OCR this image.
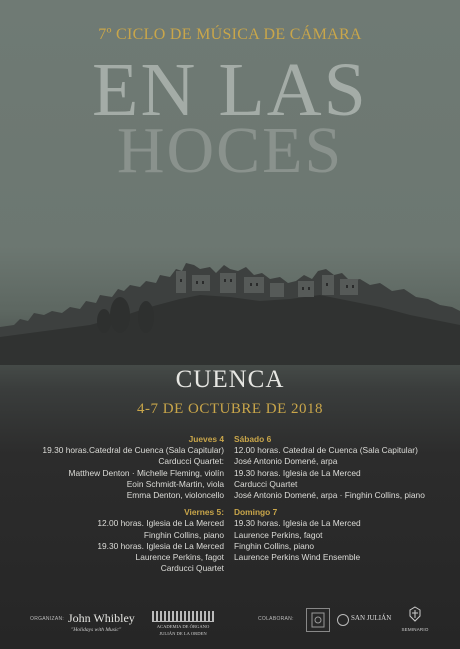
7º CICLO DE MÚSICA DE CÁMARA
EN LAS
HOCES
CUENCA
4-7 DE OCTUBRE DE 2018
Jueves 4
19.30 horas.Catedral de Cuenca (Sala Capitular)
Carducci Quartet:
Matthew Denton · Michelle Fleming, violín
Eoin Schmidt-Martin, viola
Emma Denton, violoncello
Viernes 5:
12.00 horas. Iglesia de La Merced
Finghin Collins, piano
19.30 horas. Iglesia de La Merced
Laurence Perkins, fagot
Carducci Quartet
Sábado 6
12.00 horas. Catedral de Cuenca (Sala Capitular)
José Antonio Domené, arpa
19.30 horas. Iglesia de La Merced
Carducci Quartet
José Antonio Domené, arpa · Finghin Collins, piano
Domingo 7
19.30 horas. Iglesia de La Merced
Laurence Perkins, fagot
Finghin Collins, piano
Laurence Perkins Wind Ensemble
ORGANIZAN: John Whibley
"Holidays with Music"
ACADEMIA DE ÓRGANO
JULIÁN DE LA ORDEN
COLABORAN:	SAN JULIÁN
SEMINARIO
